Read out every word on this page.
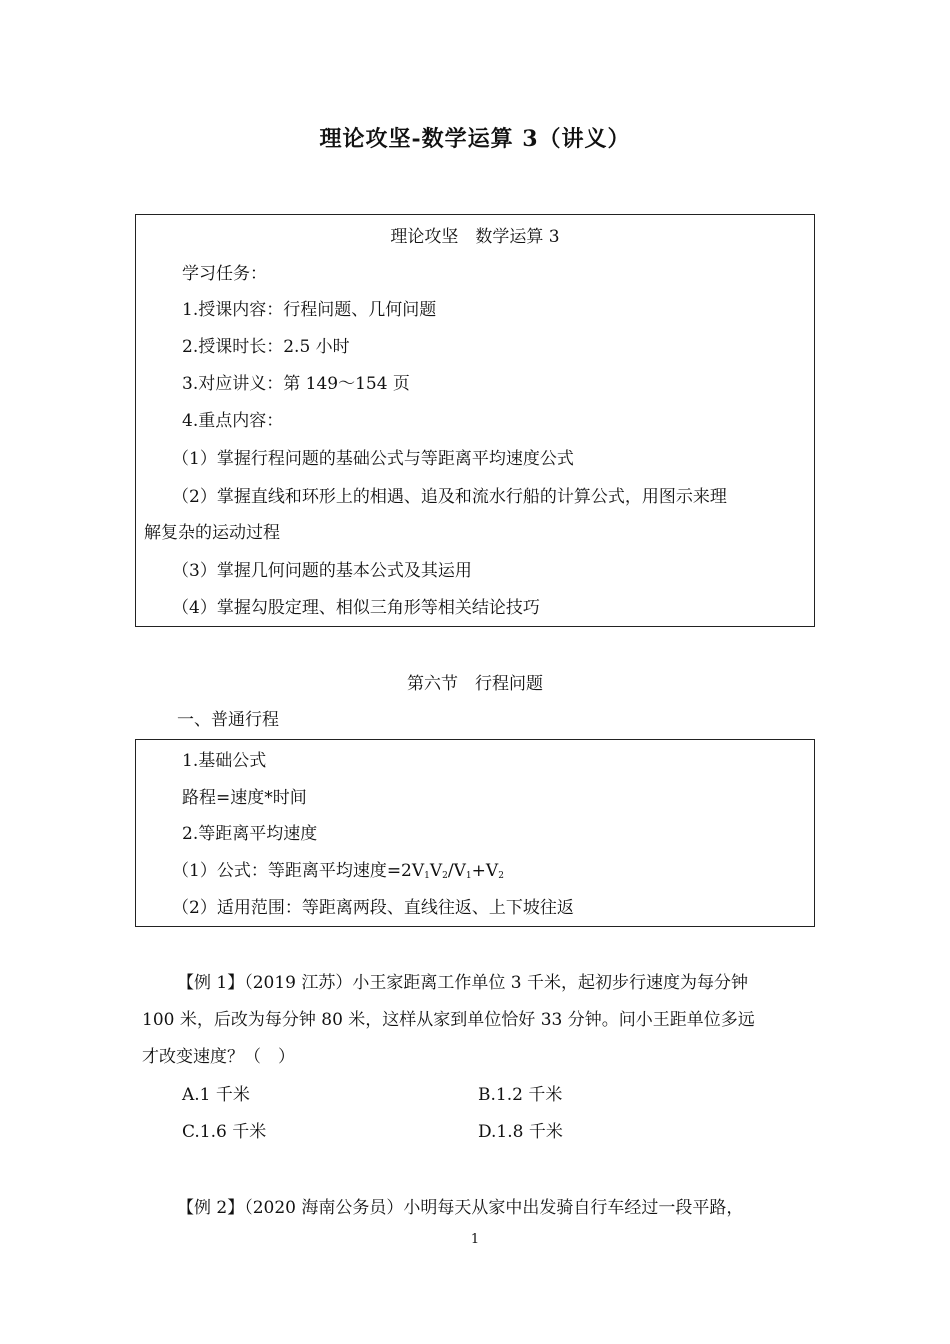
理论攻坚-数学运算 3（讲义）
理论攻坚　数学运算 3
学习任务：
1.授课内容：行程问题、几何问题
2.授课时长：2.5 小时
3.对应讲义：第 149～154 页
4.重点内容：
（1）掌握行程问题的基础公式与等距离平均速度公式
（2）掌握直线和环形上的相遇、追及和流水行船的计算公式，用图示来理
解复杂的运动过程
（3）掌握几何问题的基本公式及其运用
（4）掌握勾股定理、相似三角形等相关结论技巧
第六节　行程问题
一、普通行程
1.基础公式
路程=速度*时间
2.等距离平均速度
（1）公式：等距离平均速度$=2V_1V_2/V_1+V_2$
（2）适用范围：等距离两段、直线往返、上下坡往返
【例 1】（2019 江苏）小王家距离工作单位 3 千米，起初步行速度为每分钟
100 米，后改为每分钟 80 米，这样从家到单位恰好 33 分钟。问小王距单位多远
才改变速度？（　）
A.1 千米	B.1.2 千米
C.1.6 千米	D.1.8 千米
【例 2】（2020 海南公务员）小明每天从家中出发骑自行车经过一段平路，
1
